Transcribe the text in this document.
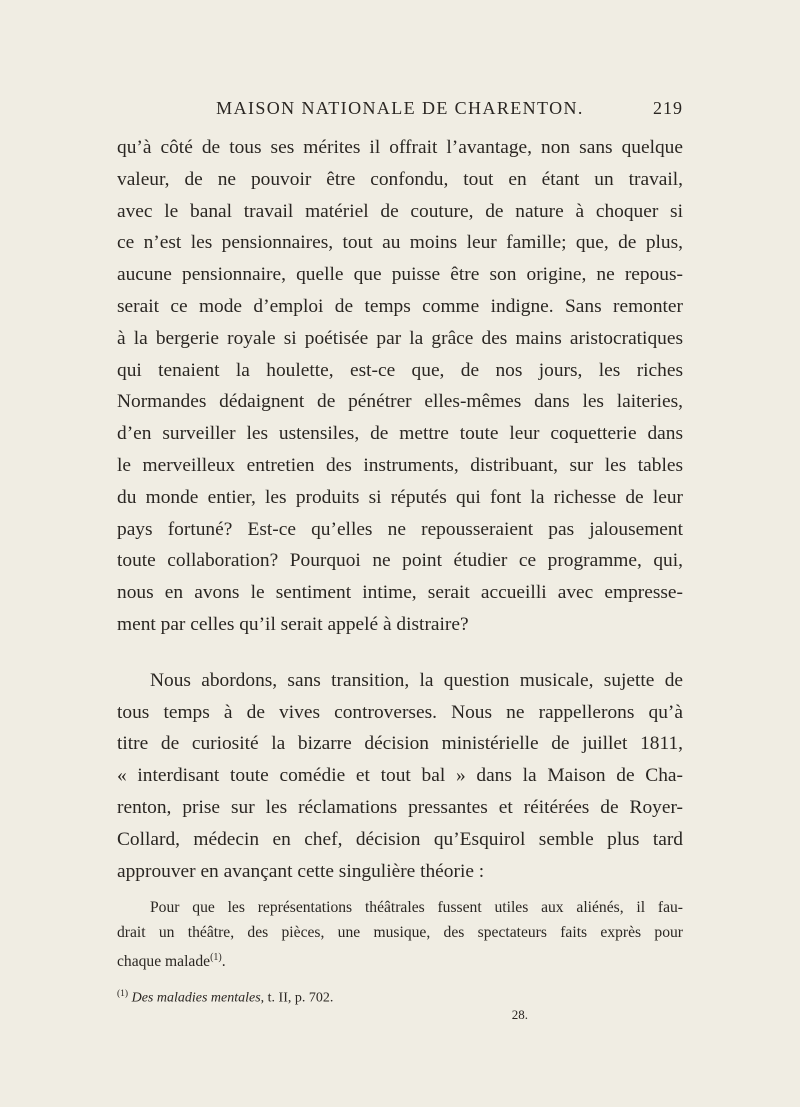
MAISON NATIONALE DE CHARENTON.	219
qu’à côté de tous ses mérites il offrait l’avantage, non sans quelque
valeur, de ne pouvoir être confondu, tout en étant un travail,
avec le banal travail matériel de couture, de nature à choquer si
ce n’est les pensionnaires, tout au moins leur famille; que, de plus,
aucune pensionnaire, quelle que puisse être son origine, ne repous-
serait ce mode d’emploi de temps comme indigne. Sans remonter
à la bergerie royale si poétisée par la grâce des mains aristocratiques
qui tenaient la houlette, est-ce que, de nos jours, les riches
Normandes dédaignent de pénétrer elles-mêmes dans les laiteries,
d’en surveiller les ustensiles, de mettre toute leur coquetterie dans
le merveilleux entretien des instruments, distribuant, sur les tables
du monde entier, les produits si réputés qui font la richesse de leur
pays fortuné? Est-ce qu’elles ne repousseraient pas jalousement
toute collaboration? Pourquoi ne point étudier ce programme, qui,
nous en avons le sentiment intime, serait accueilli avec empresse-
ment par celles qu’il serait appelé à distraire?
Nous abordons, sans transition, la question musicale, sujette de
tous temps à de vives controverses. Nous ne rappellerons qu’à
titre de curiosité la bizarre décision ministérielle de juillet 1811,
« interdisant toute comédie et tout bal » dans la Maison de Cha-
renton, prise sur les réclamations pressantes et réitérées de Royer-
Collard, médecin en chef, décision qu’Esquirol semble plus tard
approuver en avançant cette singulière théorie :
Pour que les représentations théâtrales fussent utiles aux aliénés, il fau-
drait un théâtre, des pièces, une musique, des spectateurs faits exprès pour
chaque malade$^{(1)}$.
$^{(1)}$ Des maladies mentales, t. II, p. 702.
28.
